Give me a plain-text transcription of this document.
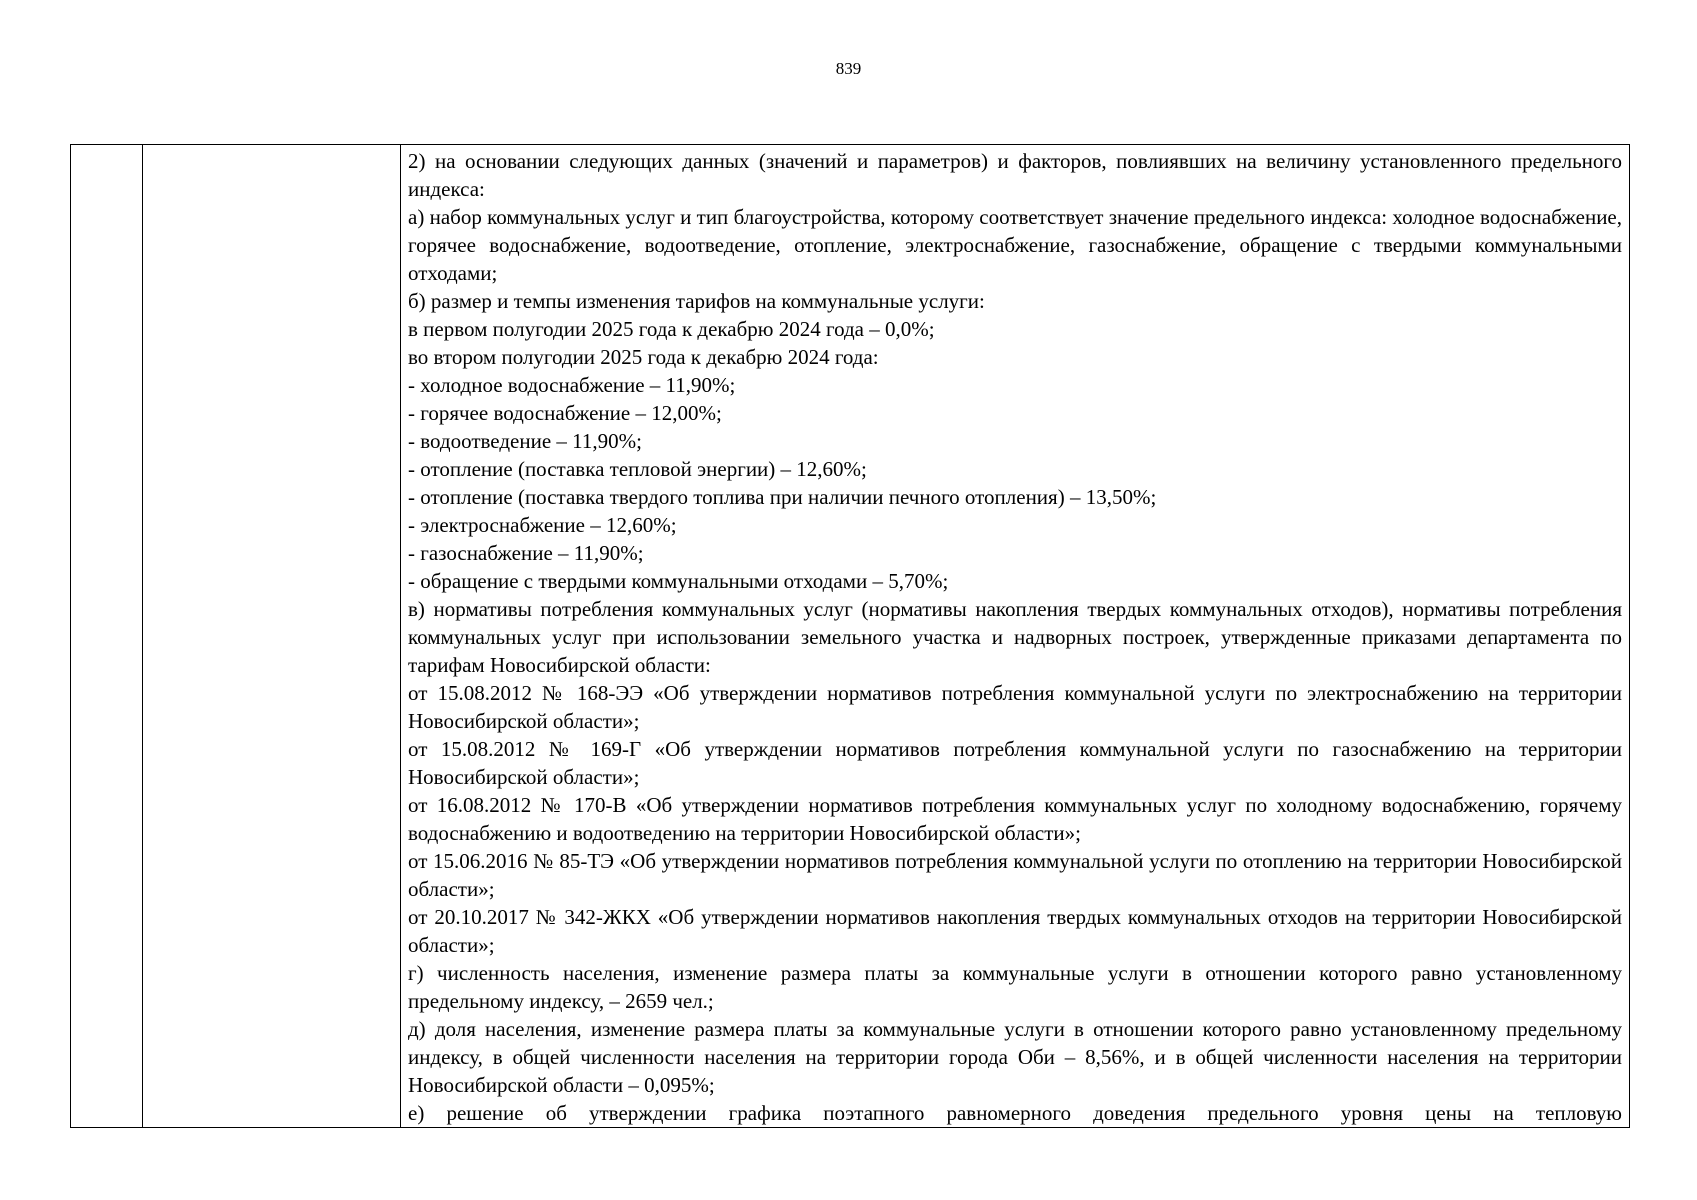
839

2) на основании следующих данных (значений и параметров) и факторов, повлиявших на величину установленного предельного индекса:

а) набор коммунальных услуг и тип благоустройства, которому соответствует значение предельного индекса: холодное водоснабжение, горячее водоснабжение, водоотведение, отопление, электроснабжение, газоснабжение, обращение с твердыми коммунальными отходами;

б) размер и темпы изменения тарифов на коммунальные услуги:

в первом полугодии 2025 года к декабрю 2024 года – 0,0%;

во втором полугодии 2025 года к декабрю 2024 года:

- холодное водоснабжение – 11,90%;

- горячее водоснабжение – 12,00%;

- водоотведение – 11,90%;

- отопление (поставка тепловой энергии) – 12,60%;

- отопление (поставка твердого топлива при наличии печного отопления) – 13,50%;

- электроснабжение – 12,60%;

- газоснабжение – 11,90%;

- обращение с твердыми коммунальными отходами – 5,70%;

в) нормативы потребления коммунальных услуг (нормативы накопления твердых коммунальных отходов), нормативы потребления коммунальных услуг при использовании земельного участка и надворных построек, утвержденные приказами департамента по тарифам Новосибирской области:

от 15.08.2012 № 168-ЭЭ «Об утверждении нормативов потребления коммунальной услуги по электроснабжению на территории Новосибирской области»;

от 15.08.2012 № 169-Г «Об утверждении нормативов потребления коммунальной услуги по газоснабжению на территории Новосибирской области»;

от 16.08.2012 № 170-В «Об утверждении нормативов потребления коммунальных услуг по холодному водоснабжению, горячему водоснабжению и водоотведению на территории Новосибирской области»;

от 15.06.2016 № 85-ТЭ «Об утверждении нормативов потребления коммунальной услуги по отоплению на территории Новосибирской области»;

от 20.10.2017 № 342-ЖКХ «Об утверждении нормативов накопления твердых коммунальных отходов на территории Новосибирской области»;

г) численность населения, изменение размера платы за коммунальные услуги в отношении которого равно установленному предельному индексу, – 2659 чел.;

д) доля населения, изменение размера платы за коммунальные услуги в отношении которого равно установленному предельному индексу, в общей численности населения на территории города Оби – 8,56%, и в общей численности населения на территории Новосибирской области – 0,095%;

е) решение об утверждении графика поэтапного равномерного доведения предельного уровня цены на тепловую
